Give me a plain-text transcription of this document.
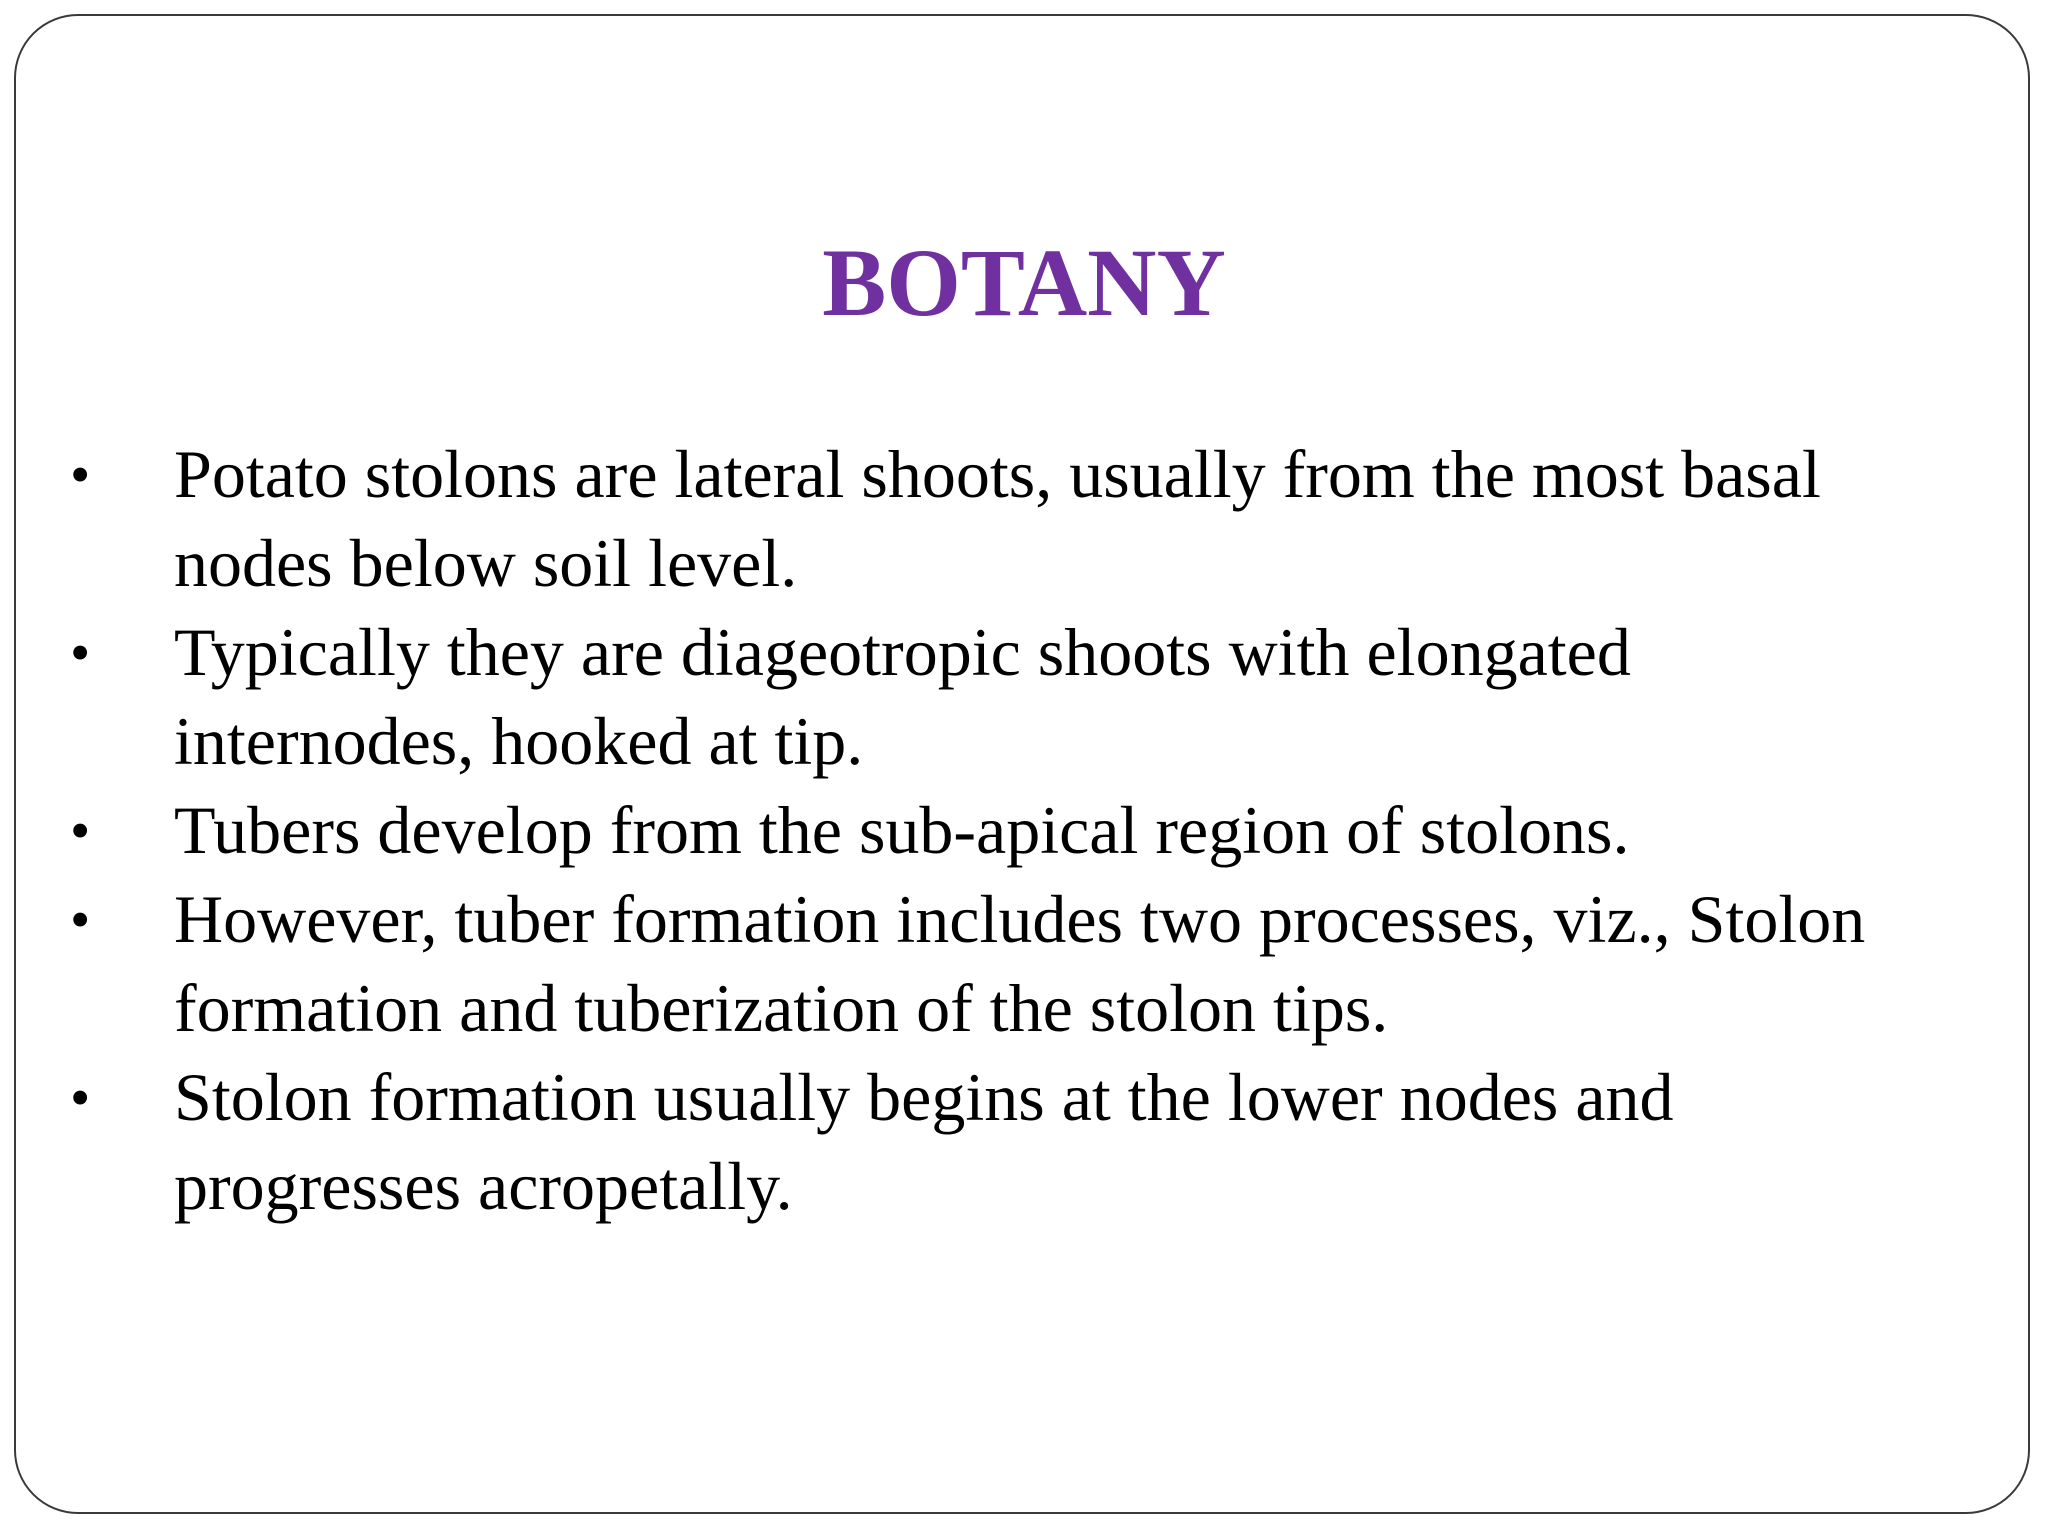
BOTANY
• Potato stolons are lateral shoots, usually from the most basal nodes below soil level.
• Typically they are diageotropic shoots with elongated internodes, hooked at tip.
• Tubers develop from the sub-apical region of stolons.
• However, tuber formation includes two processes, viz., Stolon formation and tuberization of the stolon tips.
• Stolon formation usually begins at the lower nodes and progresses acropetally.
